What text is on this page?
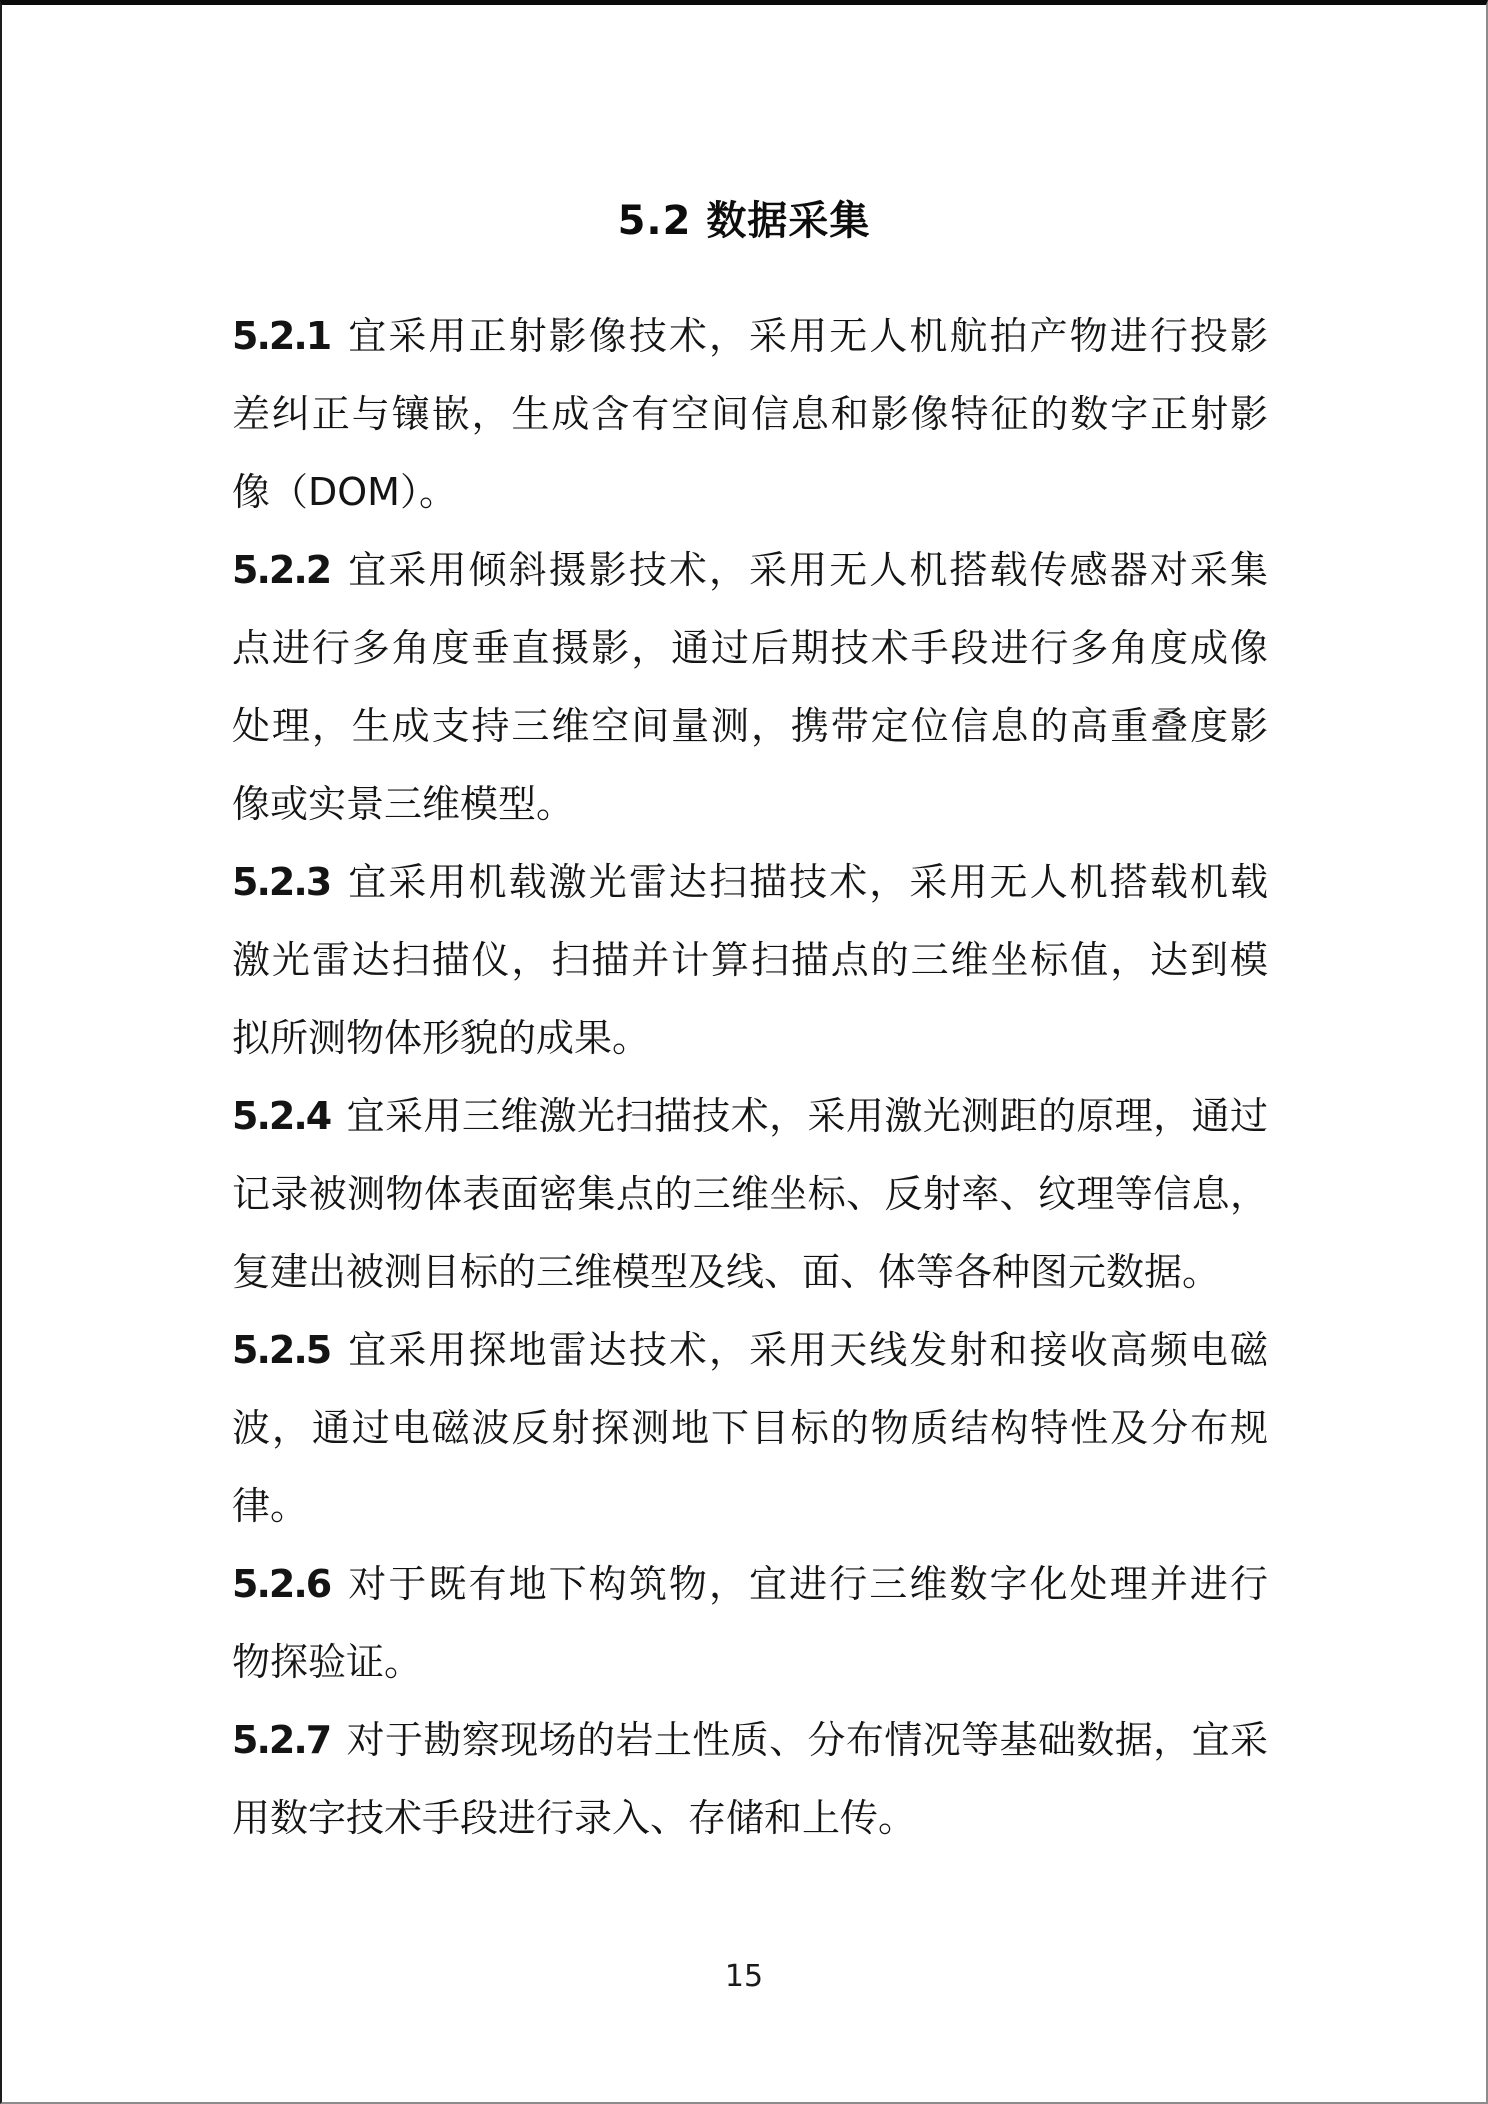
5.2 数据采集
5.2.1 宜采用正射影像技术，采用无人机航拍产物进行投影
差纠正与镶嵌，生成含有空间信息和影像特征的数字正射影
像（DOM）。
5.2.2 宜采用倾斜摄影技术，采用无人机搭载传感器对采集
点进行多角度垂直摄影，通过后期技术手段进行多角度成像
处理，生成支持三维空间量测，携带定位信息的高重叠度影
像或实景三维模型。
5.2.3 宜采用机载激光雷达扫描技术，采用无人机搭载机载
激光雷达扫描仪，扫描并计算扫描点的三维坐标值，达到模
拟所测物体形貌的成果。
5.2.4 宜采用三维激光扫描技术，采用激光测距的原理，通过
记录被测物体表面密集点的三维坐标、反射率、纹理等信息，
复建出被测目标的三维模型及线、面、体等各种图元数据。
5.2.5 宜采用探地雷达技术，采用天线发射和接收高频电磁
波，通过电磁波反射探测地下目标的物质结构特性及分布规
律。
5.2.6 对于既有地下构筑物，宜进行三维数字化处理并进行
物探验证。
5.2.7 对于勘察现场的岩土性质、分布情况等基础数据，宜采
用数字技术手段进行录入、存储和上传。
15
